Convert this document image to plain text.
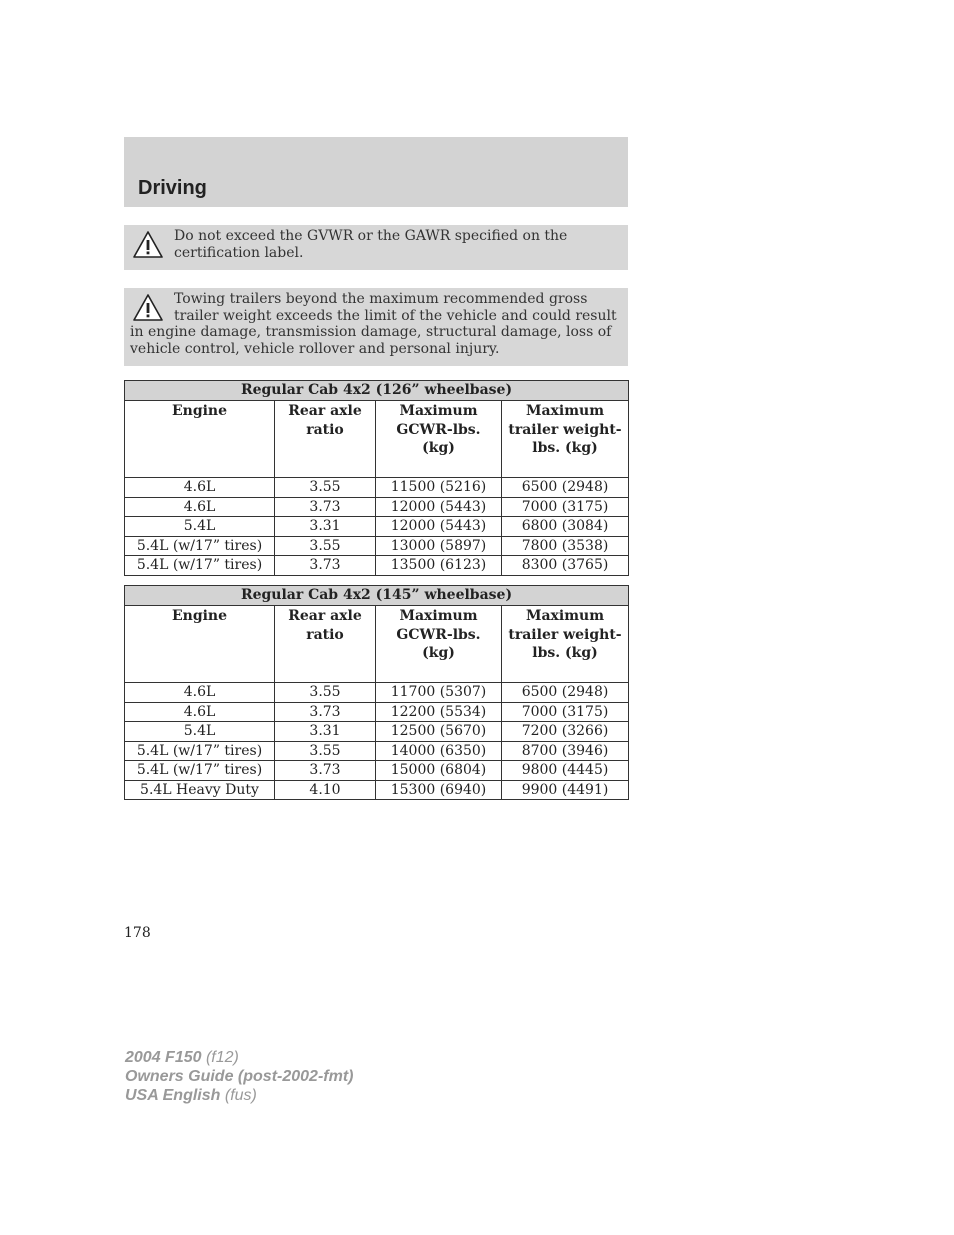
Driving
Do not exceed the GVWR or the GAWR specified on the certification label.
Towing trailers beyond the maximum recommended gross trailer weight exceeds the limit of the vehicle and could result in engine damage, transmission damage, structural damage, loss of vehicle control, vehicle rollover and personal injury.
Regular Cab 4x2 (126” wheelbase)			
Engine	Rear axle ratio	Maximum GCWR-lbs. (kg)	Maximum trailer weight-lbs. (kg)
4.6L	3.55	11500 (5216)	6500 (2948)
4.6L	3.73	12000 (5443)	7000 (3175)
5.4L	3.31	12000 (5443)	6800 (3084)
5.4L (w/17” tires)	3.55	13000 (5897)	7800 (3538)
5.4L (w/17” tires)	3.73	13500 (6123)	8300 (3765)
Regular Cab 4x2 (145” wheelbase)			
Engine	Rear axle ratio	Maximum GCWR-lbs. (kg)	Maximum trailer weight-lbs. (kg)
4.6L	3.55	11700 (5307)	6500 (2948)
4.6L	3.73	12200 (5534)	7000 (3175)
5.4L	3.31	12500 (5670)	7200 (3266)
5.4L (w/17” tires)	3.55	14000 (6350)	8700 (3946)
5.4L (w/17” tires)	3.73	15000 (6804)	9800 (4445)
5.4L Heavy Duty	4.10	15300 (6940)	9900 (4491)
178
2004 F150 (f12)
Owners Guide (post-2002-fmt)
USA English (fus)
